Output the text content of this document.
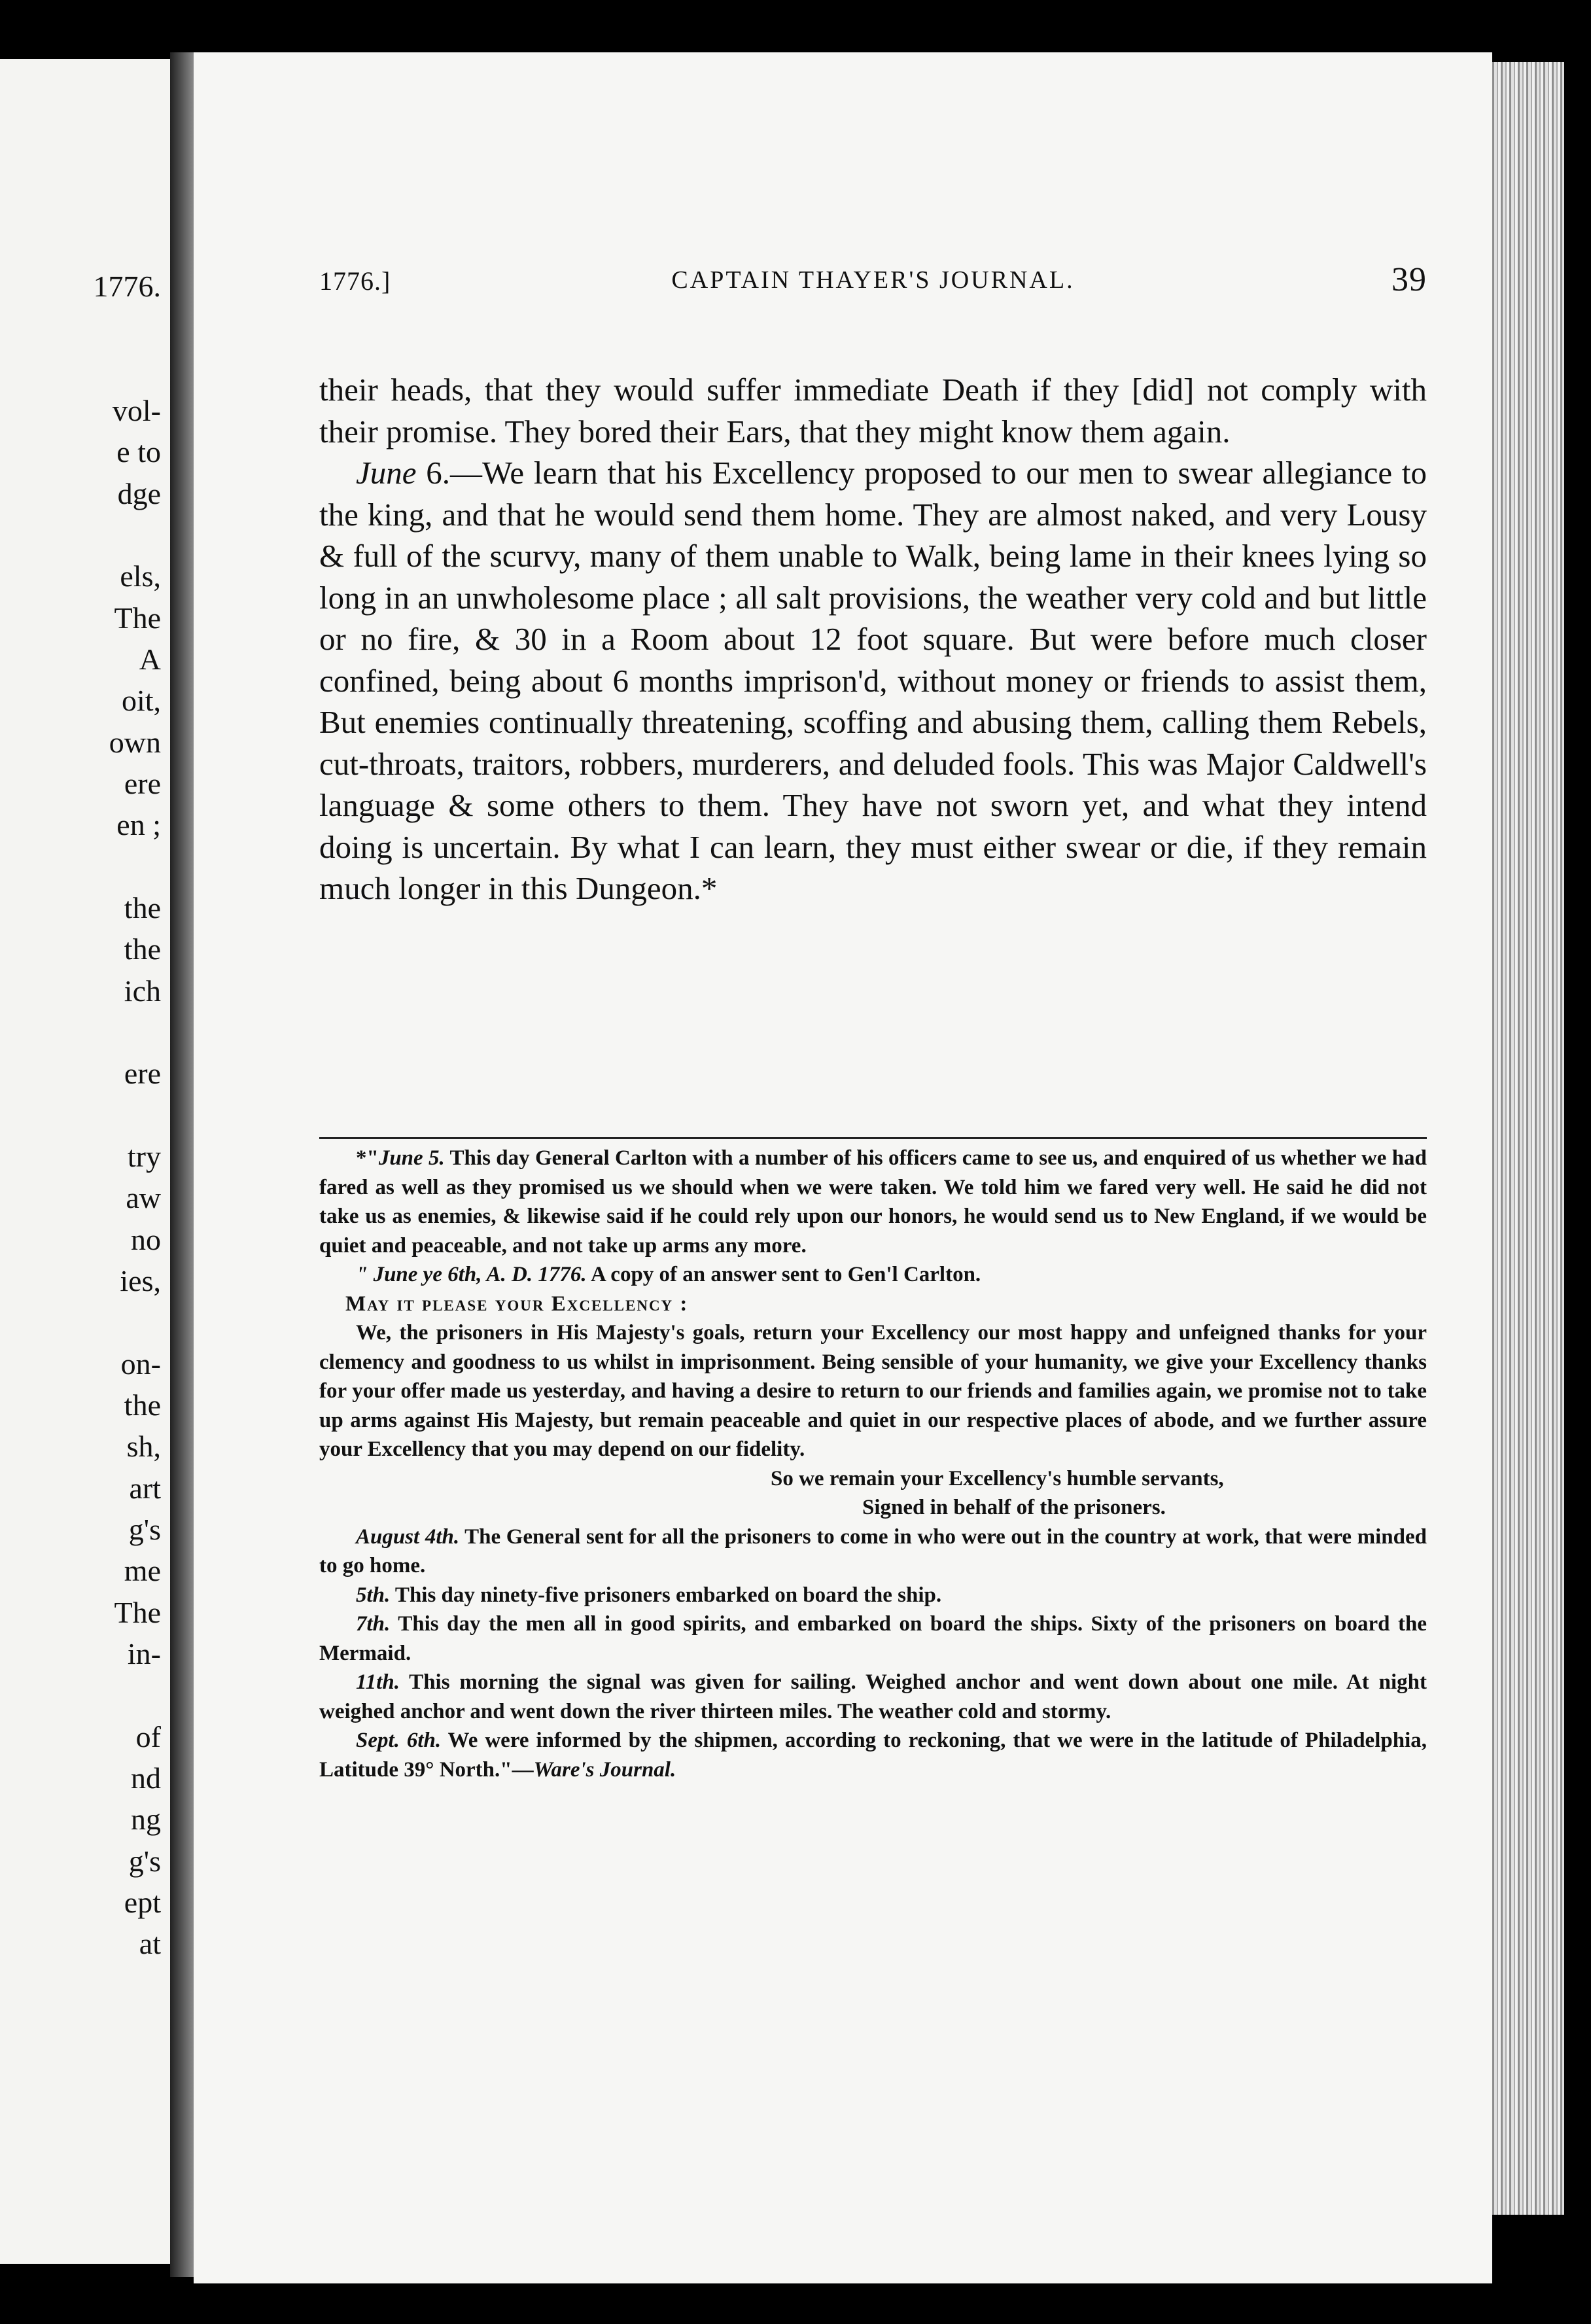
1776.
vol-
e to
dge
els,
The
A
oit,
own
ere
en ;
the
the
ich
ere
try
aw
no
ies,
on-
the
sh,
art
g's
me
The
in-
of
nd
ng
g's
ept
at
1776.]	CAPTAIN THAYER'S JOURNAL.	39

their heads, that they would suffer immediate Death if they [did] not comply with their promise. They bored their Ears, that they might know them again.

June 6.—We learn that his Excellency proposed to our men to swear allegiance to the king, and that he would send them home. They are almost naked, and very Lousy & full of the scurvy, many of them unable to Walk, being lame in their knees lying so long in an unwholesome place ; all salt provisions, the weather very cold and but little or no fire, & 30 in a Room about 12 foot square. But were before much closer confined, being about 6 months imprison'd, without money or friends to assist them, But enemies continually threatening, scoffing and abusing them, calling them Rebels, cut-throats, traitors, robbers, murderers, and deluded fools. This was Major Caldwell's language & some others to them. They have not sworn yet, and what they intend doing is uncertain. By what I can learn, they must either swear or die, if they remain much longer in this Dungeon.*

*"June 5. This day General Carlton with a number of his officers came to see us, and enquired of us whether we had fared as well as they promised us we should when we were taken. We told him we fared very well. He said he did not take us as enemies, & likewise said if he could rely upon our honors, he would send us to New England, if we would be quiet and peaceable, and not take up arms any more.

" June ye 6th, A. D. 1776. A copy of an answer sent to Gen'l Carlton.

May it please your Excellency :

We, the prisoners in His Majesty's goals, return your Excellency our most happy and unfeigned thanks for your clemency and goodness to us whilst in imprisonment. Being sensible of your humanity, we give your Excellency thanks for your offer made us yesterday, and having a desire to return to our friends and families again, we promise not to take up arms against His Majesty, but remain peaceable and quiet in our respective places of abode, and we further assure your Excellency that you may depend on our fidelity.

So we remain your Excellency's humble servants,

Signed in behalf of the prisoners.

August 4th. The General sent for all the prisoners to come in who were out in the country at work, that were minded to go home.

5th. This day ninety-five prisoners embarked on board the ship.

7th. This day the men all in good spirits, and embarked on board the ships. Sixty of the prisoners on board the Mermaid.

11th. This morning the signal was given for sailing. Weighed anchor and went down about one mile. At night weighed anchor and went down the river thirteen miles. The weather cold and stormy.

Sept. 6th. We were informed by the shipmen, according to reckoning, that we were in the latitude of Philadelphia, Latitude 39° North."—Ware's Journal.
